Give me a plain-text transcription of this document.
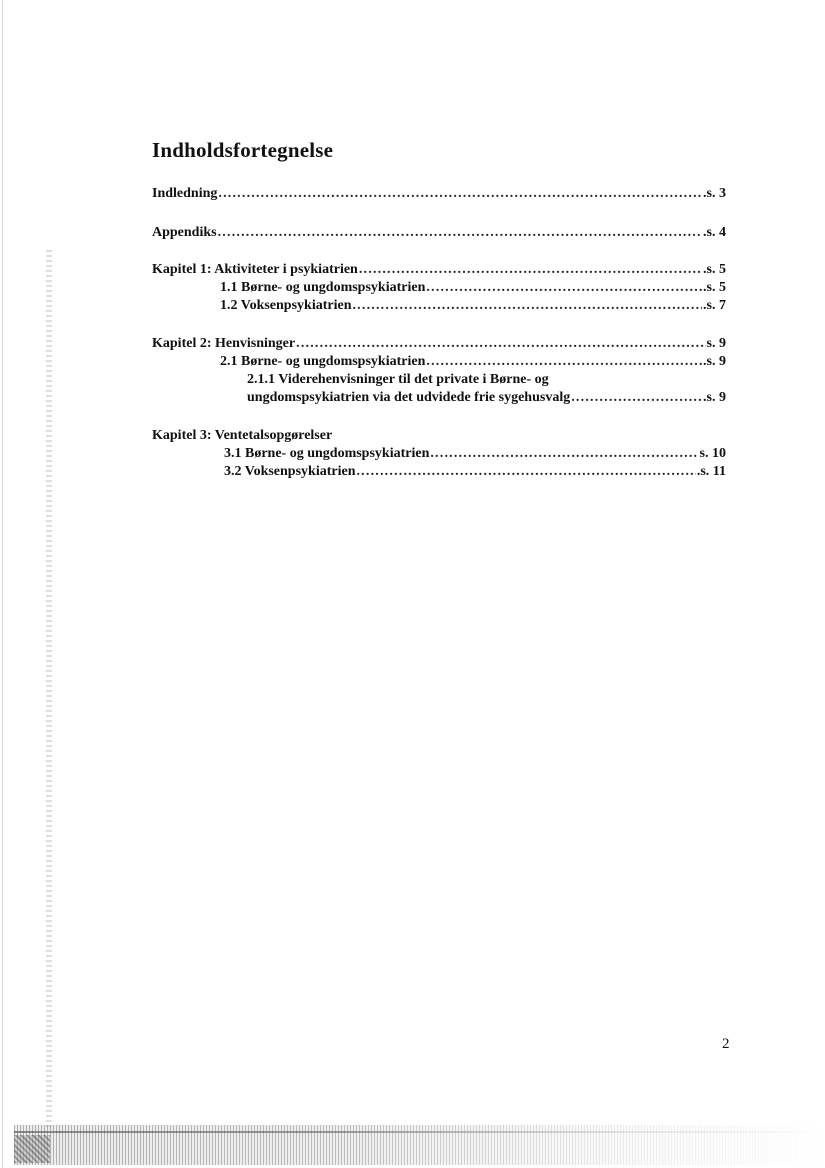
Indholdsfortegnelse
Indledning .....	.s. 3
Appendiks .....	.s. 4
Kapitel 1: Aktiviteter i psykiatrien .....	.s. 5
1.1 Børne- og ungdomspsykiatrien .....	.s. 5
1.2 Voksenpsykiatrien .....	.s. 7
Kapitel 2: Henvisninger .....	s. 9
2.1 Børne- og ungdomspsykiatrien .....	.s. 9
2.1.1 Viderehenvisninger til det private i Børne- og
ungdomspsykiatrien via det udvidede frie sygehusvalg .....	.s. 9
Kapitel 3: Ventetalsopgørelser
3.1 Børne- og ungdomspsykiatrien .....	s. 10
3.2 Voksenpsykiatrien .....	.s. 11
2
